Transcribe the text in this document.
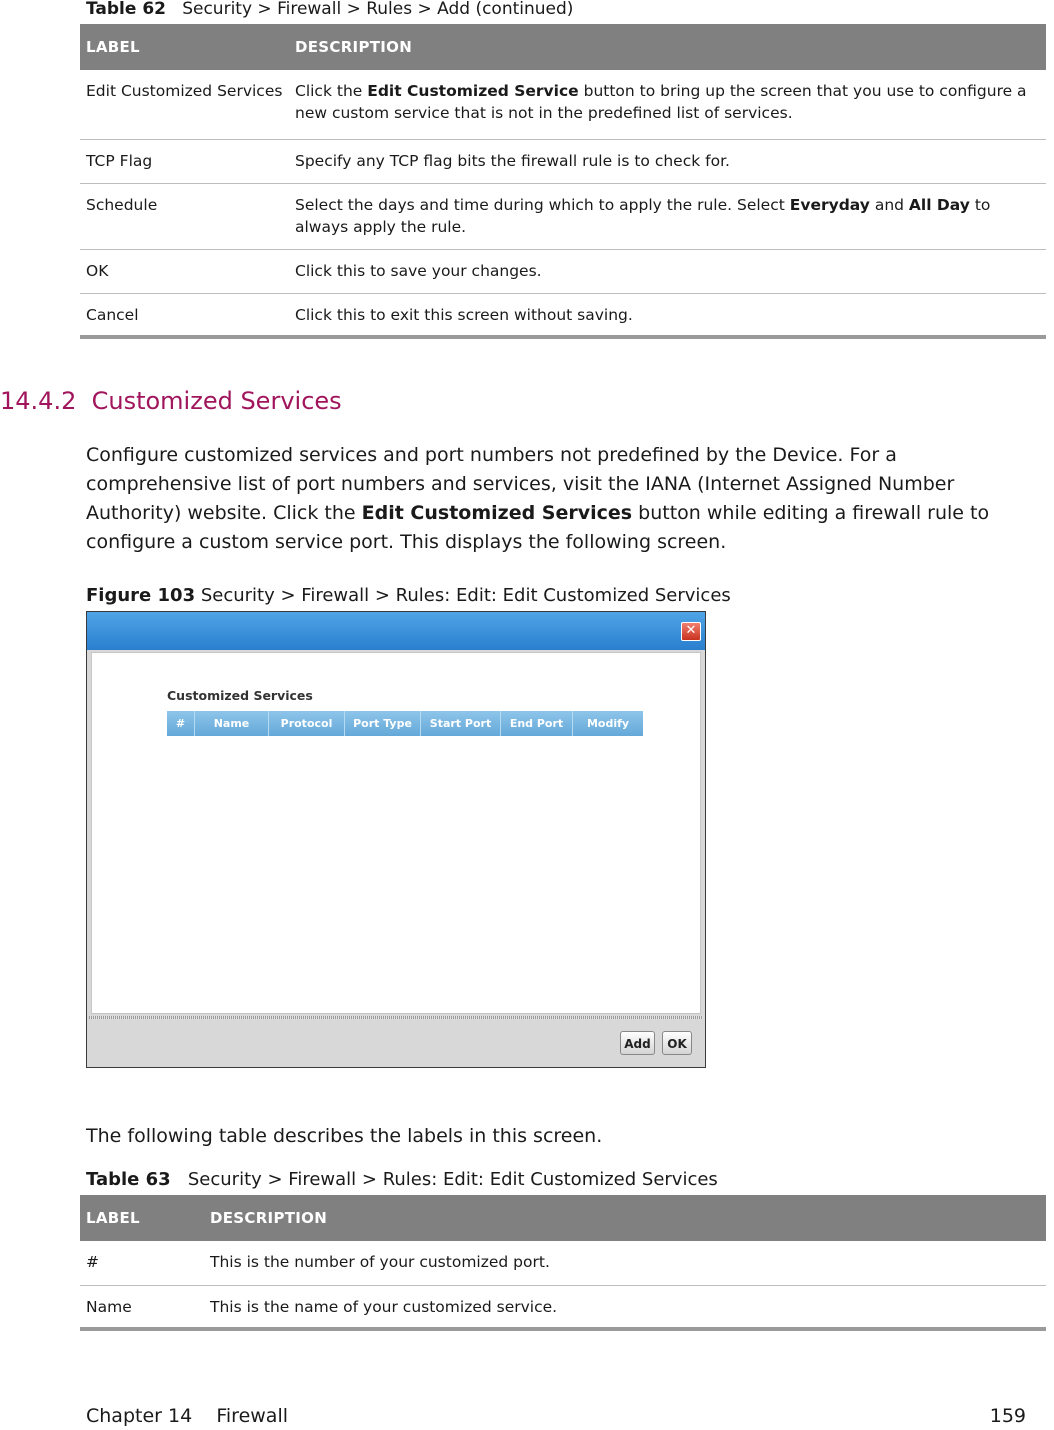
Table 62 Security > Firewall > Rules > Add (continued)
LABEL	DESCRIPTION
Edit Customized Services	Click the Edit Customized Service button to bring up the screen that you use to configure a new custom service that is not in the predefined list of services.
TCP Flag	Specify any TCP flag bits the firewall rule is to check for.
Schedule	Select the days and time during which to apply the rule. Select Everyday and All Day to always apply the rule.
OK	Click this to save your changes.
Cancel	Click this to exit this screen without saving.
14.4.2 Customized Services
Configure customized services and port numbers not predefined by the Device. For a comprehensive list of port numbers and services, visit the IANA (Internet Assigned Number Authority) website. Click the Edit Customized Services button while editing a firewall rule to configure a custom service port. This displays the following screen.
Figure 103 Security > Firewall > Rules: Edit: Edit Customized Services
✕
Customized Services
#	Name	Protocol	Port Type	Start Port	End Port	Modify
Add	OK
The following table describes the labels in this screen.
Table 63 Security > Firewall > Rules: Edit: Edit Customized Services
LABEL	DESCRIPTION
#	This is the number of your customized port.
Name	This is the name of your customized service.
Chapter 14 Firewall	159
